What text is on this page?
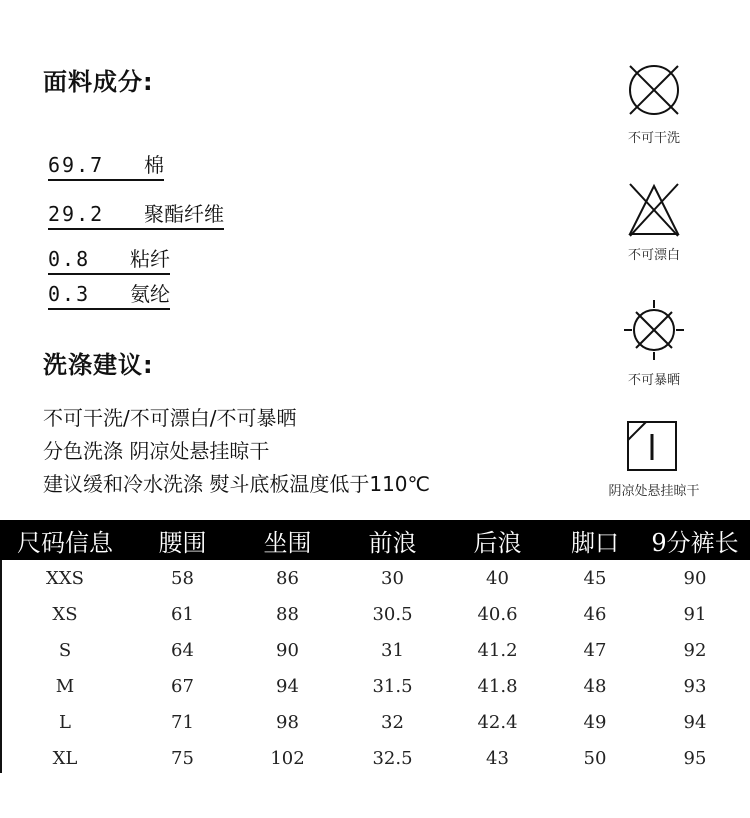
面料成分:
69.7 棉
29.2 聚酯纤维
0.8 粘纤
0.3 氨纶
洗涤建议:
不可干洗/不可漂白/不可暴晒
分色洗涤 阴凉处悬挂晾干
建议缓和冷水洗涤 熨斗底板温度低于110℃
不可干洗
不可漂白
不可暴晒
阴凉处悬挂晾干
尺码信息	腰围	坐围	前浪	后浪	脚口	9分裤长
XXS	58	86	30	40	45	90
XS	61	88	30.5	40.6	46	91
S	64	90	31	41.2	47	92
M	67	94	31.5	41.8	48	93
L	71	98	32	42.4	49	94
XL	75	102	32.5	43	50	95
